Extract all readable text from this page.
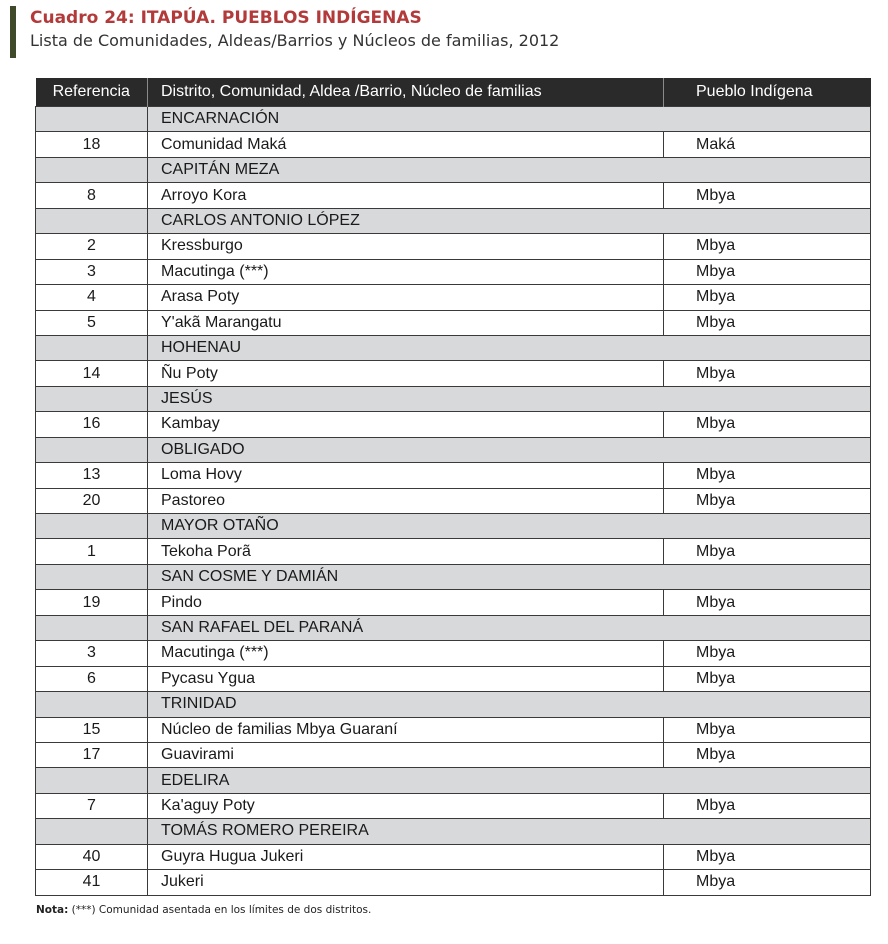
Cuadro 24: ITAPÚA. PUEBLOS INDÍGENAS
Lista de Comunidades, Aldeas/Barrios y Núcleos de familias, 2012
Referencia	Distrito, Comunidad, Aldea /Barrio, Núcleo de familias	Pueblo Indígena
	ENCARNACIÓN	
18	Comunidad Maká	Maká
	CAPITÁN MEZA	
8	Arroyo Kora	Mbya
	CARLOS ANTONIO LÓPEZ	
2	Kressburgo	Mbya
3	Macutinga (***)	Mbya
4	Arasa Poty	Mbya
5	Y'akã Marangatu	Mbya
	HOHENAU	
14	Ñu Poty	Mbya
	JESÚS	
16	Kambay	Mbya
	OBLIGADO	
13	Loma Hovy	Mbya
20	Pastoreo	Mbya
	MAYOR OTAÑO	
1	Tekoha Porã	Mbya
	SAN COSME Y DAMIÁN	
19	Pindo	Mbya
	SAN RAFAEL DEL PARANÁ	
3	Macutinga (***)	Mbya
6	Pycasu Ygua	Mbya
	TRINIDAD	
15	Núcleo de familias Mbya Guaraní	Mbya
17	Guavirami	Mbya
	EDELIRA	
7	Ka'aguy Poty	Mbya
	TOMÁS ROMERO PEREIRA	
40	Guyra Hugua Jukeri	Mbya
41	Jukeri	Mbya
Nota: (***) Comunidad asentada en los límites de dos distritos.
